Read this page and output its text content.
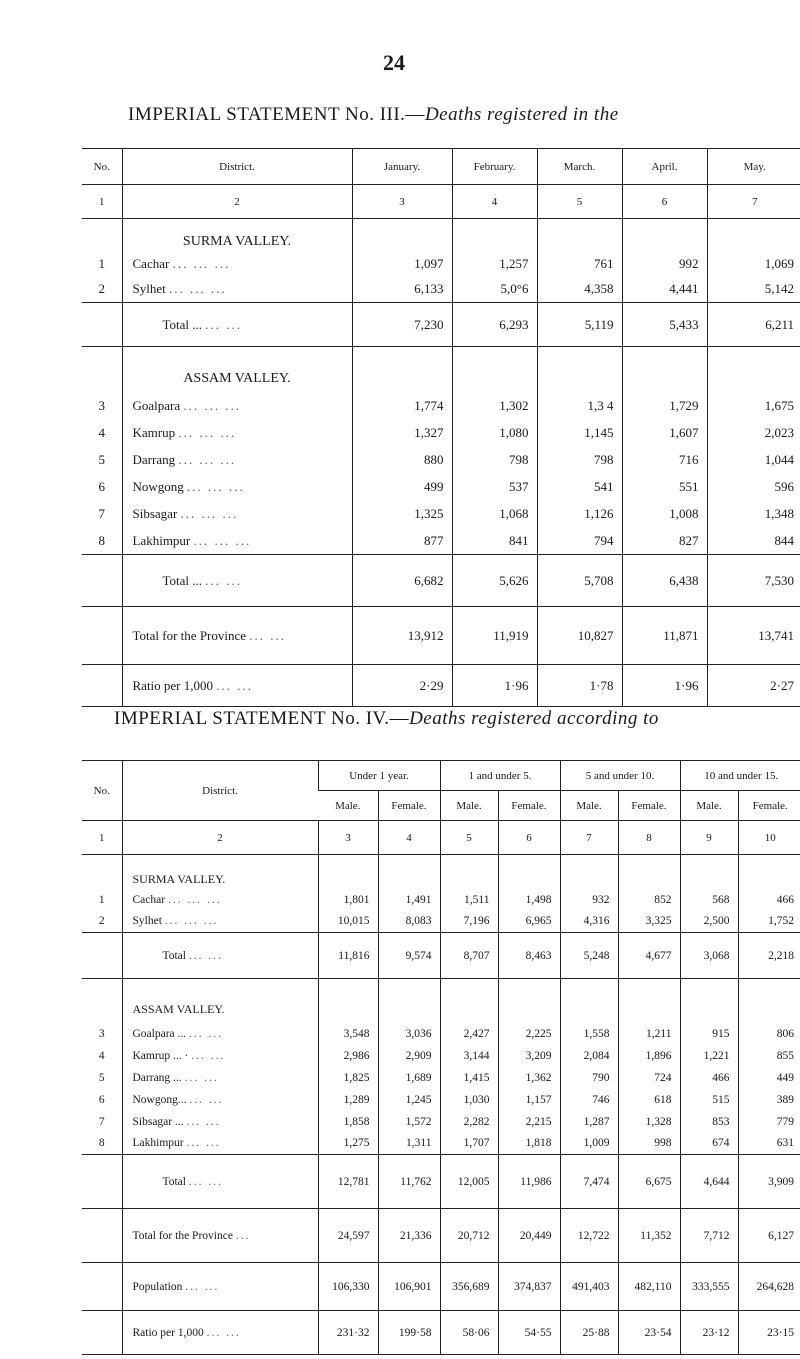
24
IMPERIAL STATEMENT No. III.—Deaths registered in the
No.	District.	January.	February.	March.	April.	May.
1	2	3	4	5	6	7
	SURMA VALLEY.					
1	Cachar ... ... ...	1,097	1,257	761	992	1,069
2	Sylhet ... ... ...	6,133	5,0°6	4,358	4,441	5,142
	Total ... ... ...	7,230	6,293	5,119	5,433	6,211
	ASSAM VALLEY.					
3	Goalpara ... ... ...	1,774	1,302	1,3 4	1,729	1,675
4	Kamrup ... ... ...	1,327	1,080	1,145	1,607	2,023
5	Darrang ... ... ...	880	798	798	716	1,044
6	Nowgong ... ... ...	499	537	541	551	596
7	Sibsagar ... ... ...	1,325	1,068	1,126	1,008	1,348
8	Lakhimpur ... ... ...	877	841	794	827	844
	Total ... ... ...	6,682	5,626	5,708	6,438	7,530
	Total for the Province ... ...	13,912	11,919	10,827	11,871	13,741
	Ratio per 1,000 ... ...	2·29	1·96	1·78	1·96	2·27
IMPERIAL STATEMENT No. IV.—Deaths registered according to
No.	District.	Under 1 year.		1 and under 5.		5 and under 10.		10 and under 15.	
		Male.	Female.	Male.	Female.	Male.	Female.	Male.	Female.
1	2	3	4	5	6	7	8	9	10
	SURMA VALLEY.								
1	Cachar ... ... ...	1,801	1,491	1,511	1,498	932	852	568	466
2	Sylhet ... ... ...	10,015	8,083	7,196	6,965	4,316	3,325	2,500	1,752
	Total ... ...	11,816	9,574	8,707	8,463	5,248	4,677	3,068	2,218
	ASSAM VALLEY.								
3	Goalpara ... ... ...	3,548	3,036	2,427	2,225	1,558	1,211	915	806
4	Kamrup ... · ... ...	2,986	2,909	3,144	3,209	2,084	1,896	1,221	855
5	Darrang ... ... ...	1,825	1,689	1,415	1,362	790	724	466	449
6	Nowgong... ... ...	1,289	1,245	1,030	1,157	746	618	515	389
7	Sibsagar ... ... ...	1,858	1,572	2,282	2,215	1,287	1,328	853	779
8	Lakhimpur ... ...	1,275	1,311	1,707	1,818	1,009	998	674	631
	Total ... ...	12,781	11,762	12,005	11,986	7,474	6,675	4,644	3,909
	Total for the Province ...	24,597	21,336	20,712	20,449	12,722	11,352	7,712	6,127
	Population ... ...	106,330	106,901	356,689	374,837	491,403	482,110	333,555	264,628
	Ratio per 1,000 ... ...	231·32	199·58	58·06	54·55	25·88	23·54	23·12	23·15
